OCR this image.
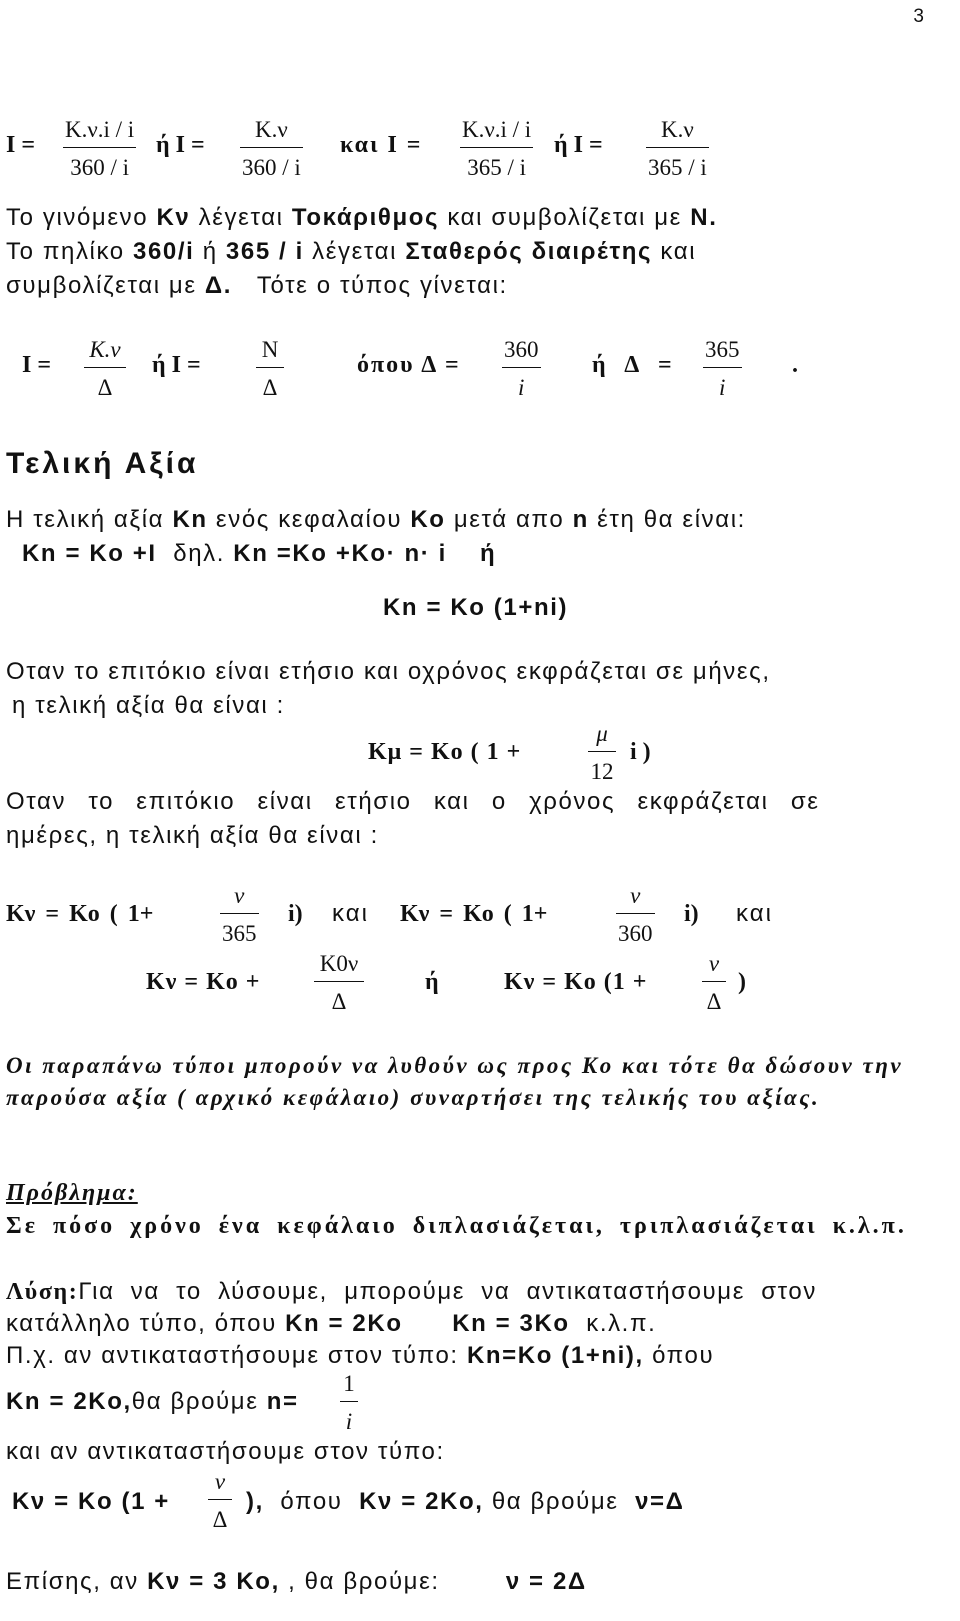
3
I =
K.ν.i / i
360 / i
ή I =
K.ν
360 / i
και I =
K.ν.i / i
365 / i
ή I =
K.ν
365 / i
Το γινόμενο Κν λέγεται Τοκάριθμος και συμβολίζεται με N.
Το πηλίκο 360/i ή 365 / i λέγεται Σταθερός διαιρέτης και
συμβολίζεται με Δ. Τότε ο τύπος γίνεται:
I =
K.ν
Δ
ή I =
N
Δ
όπου Δ =
360
i
ή Δ =
365
i
.
Τελική Αξία
Η τελική αξία Kn ενός κεφαλαίου Ko μετά απο n έτη θα είναι:
Kn = Ko +I δηλ. Kn =Ko +Ko· n· i ή
Kn = Ko (1+ni)
Οταν το επιτόκιο είναι ετήσιο και οχρόνος εκφράζεται σε μήνες,
η τελική αξία θα είναι :
Kμ = Ko ( 1 +
μ
12
i )
Οταν το επιτόκιο είναι ετήσιο και ο χρόνος εκφράζεται σε
ημέρες, η τελική αξία θα είναι :
Kν = Ko ( 1+
ν
365
i) και Kν = Ko ( 1+
ν
360
i) και
Kν = Ko +
K0ν
Δ
ή	Kν = Ko (1 +
ν
Δ
)
Οι παραπάνω τύποι μπορούν να λυθούν ως προς Ko και τότε θα δώσουν την παρούσα αξία ( αρχικό κεφάλαιο) συναρτήσει της τελικής του αξίας.
Πρόβλημα:
Σε πόσο χρόνο ένα κεφάλαιο διπλασιάζεται, τριπλασιάζεται κ.λ.π.
Λύση:Για να το λύσουμε, μπορούμε να αντικαταστήσουμε στον
κατάλληλο τύπο, όπου Kn = 2Ko Kn = 3Ko κ.λ.π.
Π.χ. αν αντικαταστήσουμε στον τύπο: Kn=Ko (1+ni), όπου
Kn = 2Ko,θα βρούμε n=
1
i
και αν αντικαταστήσουμε στον τύπο:
Kν = Ko (1 +
ν
Δ
), όπου Kν = 2Ko, θα βρούμε ν=Δ
Επίσης, αν Kν = 3 Ko, , θα βρούμε:	ν = 2Δ
